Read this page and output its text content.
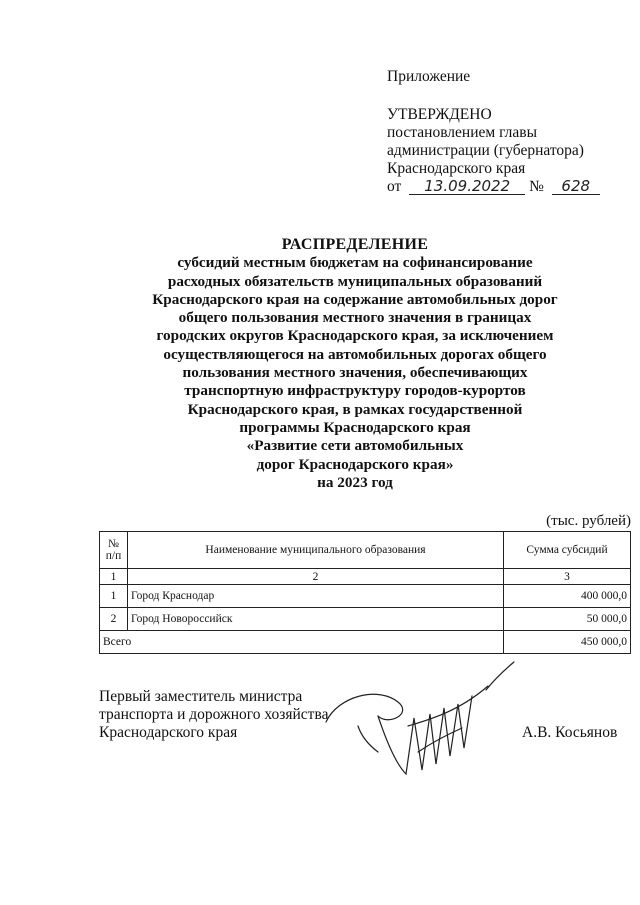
Приложение
УТВЕРЖДЕНО
постановлением главы
администрации (губернатора)
Краснодарского края
от 13.09.2022 № 628
РАСПРЕДЕЛЕНИЕ
субсидий местным бюджетам на софинансирование
расходных обязательств муниципальных образований
Краснодарского края на содержание автомобильных дорог
общего пользования местного значения в границах
городских округов Краснодарского края, за исключением
осуществляющегося на автомобильных дорогах общего
пользования местного значения, обеспечивающих
транспортную инфраструктуру городов-курортов
Краснодарского края, в рамках государственной
программы Краснодарского края
«Развитие сети автомобильных
дорог Краснодарского края»
на 2023 год
(тыс. рублей)
№
п/п	Наименование муниципального образования	Сумма субсидий
1	2	3
1	Город Краснодар	400 000,0
2	Город Новороссийск	50 000,0
Всего		450 000,0
Первый заместитель министра
транспорта и дорожного хозяйства
Краснодарского края	А.В. Косьянов
